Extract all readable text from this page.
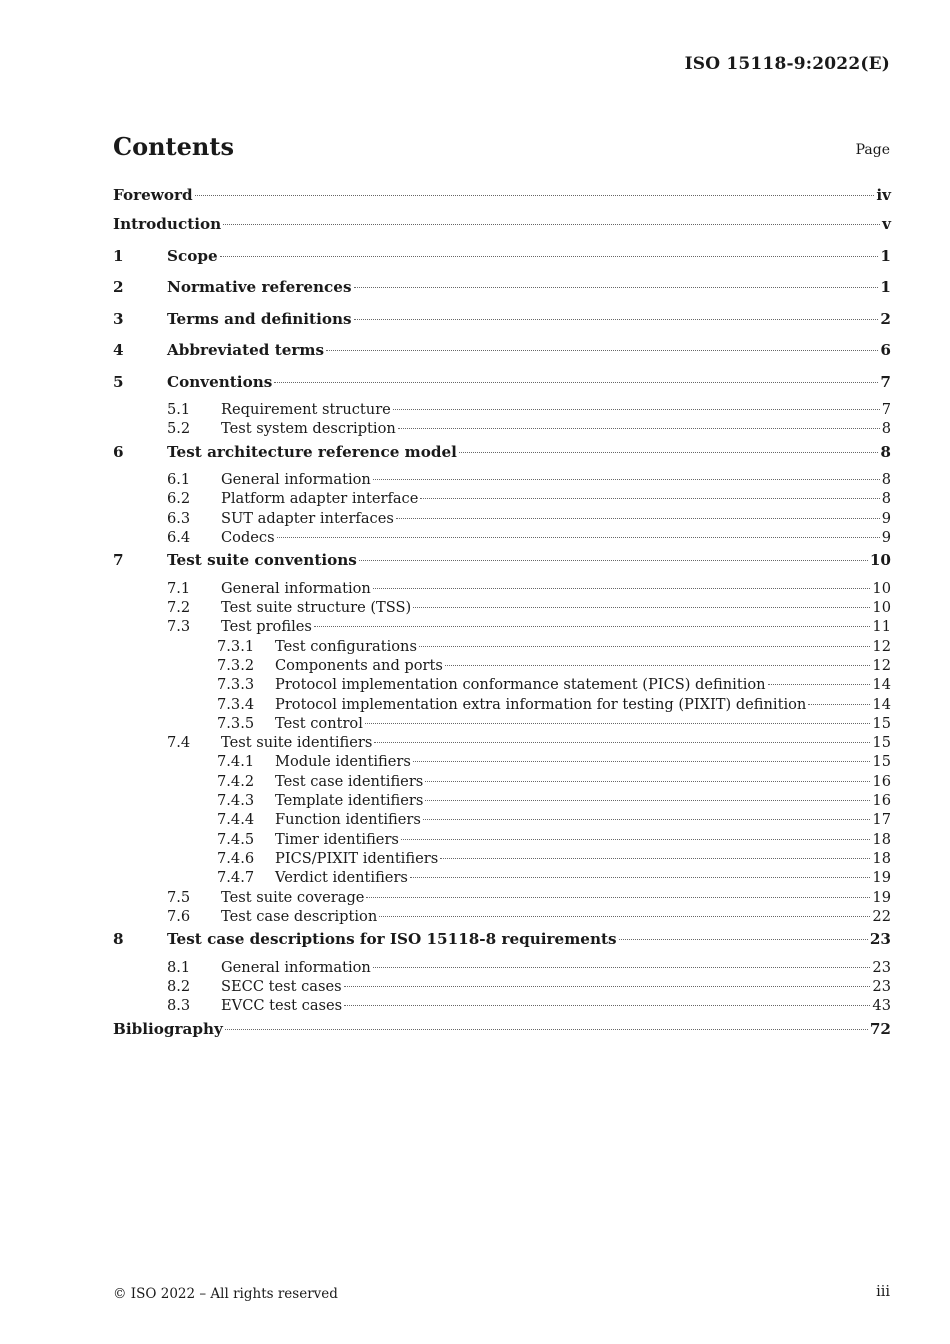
ISO 15118-9:2022(E)
Contents	Page
Foreword	iv
Introduction	v
1	Scope	1
2	Normative references	1
3	Terms and definitions	2
4	Abbreviated terms	6
5	Conventions	7
5.1	Requirement structure	7
5.2	Test system description	8
6	Test architecture reference model	8
6.1	General information	8
6.2	Platform adapter interface	8
6.3	SUT adapter interfaces	9
6.4	Codecs	9
7	Test suite conventions	10
7.1	General information	10
7.2	Test suite structure (TSS)	10
7.3	Test profiles	11
7.3.1	Test configurations	12
7.3.2	Components and ports	12
7.3.3	Protocol implementation conformance statement (PICS) definition	14
7.3.4	Protocol implementation extra information for testing (PIXIT) definition	14
7.3.5	Test control	15
7.4	Test suite identifiers	15
7.4.1	Module identifiers	15
7.4.2	Test case identifiers	16
7.4.3	Template identifiers	16
7.4.4	Function identifiers	17
7.4.5	Timer identifiers	18
7.4.6	PICS/PIXIT identifiers	18
7.4.7	Verdict identifiers	19
7.5	Test suite coverage	19
7.6	Test case description	22
8	Test case descriptions for ISO 15118-8 requirements	23
8.1	General information	23
8.2	SECC test cases	23
8.3	EVCC test cases	43
Bibliography	72
© ISO 2022 – All rights reserved	iii
